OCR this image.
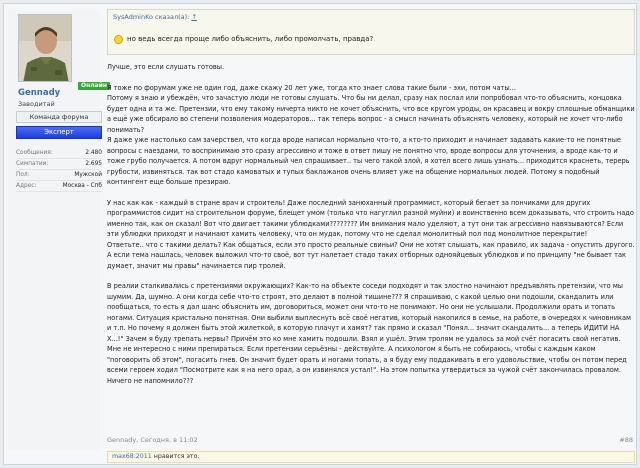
Gennady
Онлайн
Заводитай
Команда форума
Эксперт
Сообщения:	2.480
Симпатии:	2.695
Пол:	Мужской
Адрес:	Москва - Спб
SysAdminKo сказал(а): ↑
но ведь всегда проще либо объяснить, либо промолчать, правда?

Лучше, это если слушать готовы.

Я тоже по форумам уже не один год, даже скажу 20 лет уже, тогда кто знает слова такие были - эхи, потом чаты...
Потому я знаю и убеждён, что зачастую люди не готовы слушать. Что бы ни делал, сразу нах послал или попробовал что-то объяснить, концовка будет одна и та же. Претензии, что ему такому ничерта никто не хочет объяснить, что все кругом уроды, он красавец и вокру сплошные обманщики а ещё уже обсирало во степени позволения модераторов... так теперь вопрос - а смысл начинать объяснять человеку, который не хочет что-либо понимать?
Я даже уже настолько сам зачерствел, что когда вроде написал нормально что-то, а кто-то приходит и начинает задавать какие-то не понятные вопросы с наездами, то воспринимаю это сразу агрессивно и тоже в ответ пишу не понятно что, вроде вопросы для уточнения, а вроде как-то и тоже грубо получается. А потом вдруг нормальный чел спрашивает.. ты чего такой злой, я хотел всего лишь узнать... приходится краснеть, терерь грубости, извиняться. так вот стадо камоватых и тупых баклажанов очень влияет уже на общение нормальных людей. Потому я подобный контингент еще больше презираю.

У нас как как - каждый в стране врач и строитель! Даже последний занюханный программист, который бегает за пончиками для других программистов сидит на строительном форуме, блещет умом (только что нагуглил разной муйни) и воинственно всем доказывать, что строить надо именно так, как он сказал! Вот что двигает такими ублюдками???????? Им внимания мало уделяют, а тут они так агрессивно навязываются? Если эти ублюдки приходят и начинают хамить человеку, что он мудак, потому что не сделал монолитный пол под монолитное перекрытие!
Ответьте.. что с такими делать? Как общаться, если это просто реальные свиньи? Они не хотят слышать, как правило, их задача - опустить другого. А если тема нашлась, человек выложил что-то своё, вот тут налетает стадо таких отборных однояйцевых ублюдков и по принципу "не бывает так думает, значит мы правы" начинается пир тролей.

В реалии сталкивались с претензиями окружающих? Как-то на объекте соседи подходят и так злостно начинают предъявлять претензии, что мы шумим. Да, шумно. А они когда себе что-то строят, это делают в полной тишине??? Я спрашиваю, с какой целью они подошли, скандалить или пообщаться, то есть я дал шанс объяснить им, договориться, может они что-то не понимают. Но они не услышали. Продолжили орать и топать ногами. Ситуация кристально понятная. Они выбили выплеснуть всё своё негатив, который накопился в семье, на работе, в очередях к чиновникам и т.п. Но почему я должен быть этой жилеткой, в которую плачут и хамят? так прямо и сказал "Понял... значит скандалить... а теперь ИДИТИ НА Х...!" Зачем я буду трепать нервы? Причём это ко мне хамить подошли. Взял и ушёл. Этим тролям не удалось за мой счёт погасить свой негатив. Мне не интересно с ними препираться. Если претензии серьёзны - действуйте. А психологом я быть не собираюсь, чтобы с каждым каком "поговорить об этом", погасить гнев. Он значит будет орать и ногами топать, а я буду ему поддакивать в его удовольствие, чтобы он потом перед всеми героем ходил "Посмотрите как я на него орал, а он извинялся устал!". На этом попытка утвердиться за чужой счёт закончилась провалом.
Ничего не напомнило???

Gennady, Сегодня, в 11:02	#88
max68.2011 нравится это.
